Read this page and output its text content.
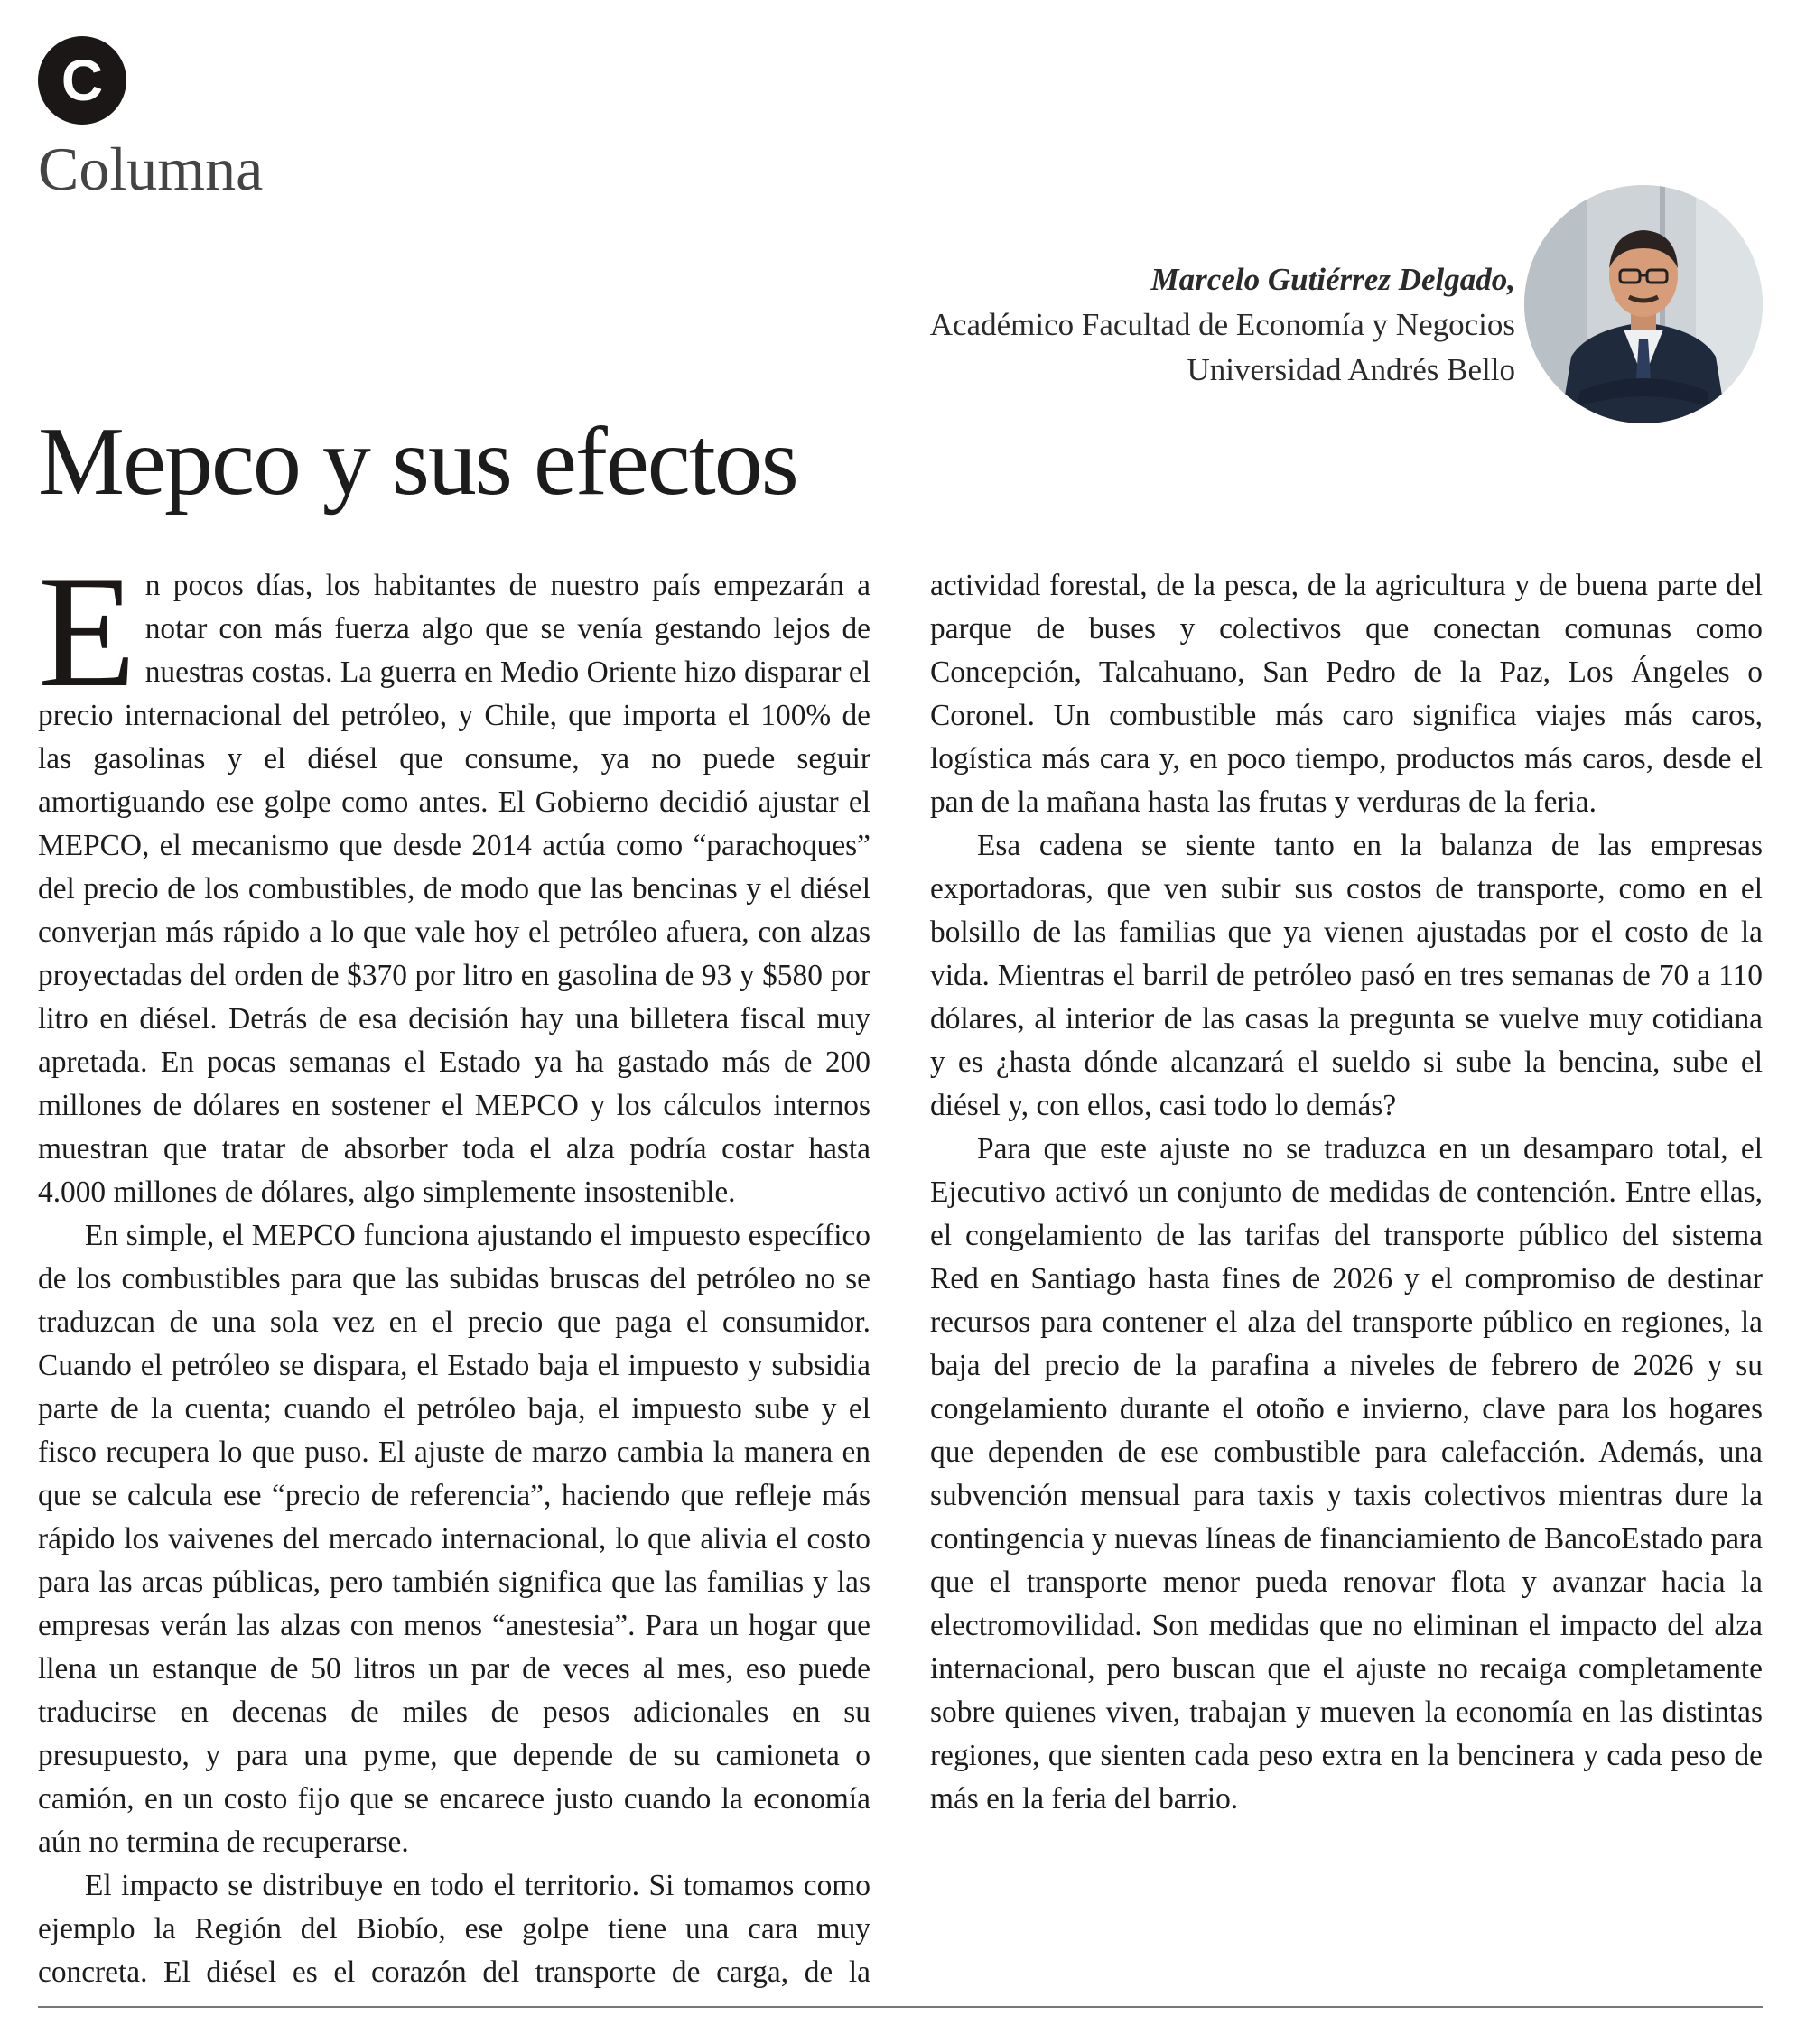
C
Columna
Marcelo Gutiérrez Delgado,
Académico Facultad de Economía y Negocios
Universidad Andrés Bello
Mepco y sus efectos

En pocos días, los habitantes de nuestro país empezarán a notar con más fuerza algo que se venía gestando lejos de nuestras costas. La guerra en Medio Oriente hizo disparar el precio internacional del petróleo, y Chile, que importa el 100% de las gasolinas y el diésel que consume, ya no puede seguir amortiguando ese golpe como antes. El Gobierno decidió ajustar el MEPCO, el mecanismo que desde 2014 actúa como “parachoques” del precio de los combustibles, de modo que las bencinas y el diésel converjan más rápido a lo que vale hoy el petróleo afuera, con alzas proyectadas del orden de $370 por litro en gasolina de 93 y $580 por litro en diésel. Detrás de esa decisión hay una billetera fiscal muy apretada. En pocas semanas el Estado ya ha gastado más de 200 millones de dólares en sostener el MEPCO y los cálculos internos muestran que tratar de absorber toda el alza podría costar hasta 4.000 millones de dólares, algo simplemente insostenible.

En simple, el MEPCO funciona ajustando el impuesto específico de los combustibles para que las subidas bruscas del petróleo no se traduzcan de una sola vez en el precio que paga el consumidor. Cuando el petróleo se dispara, el Estado baja el impuesto y subsidia parte de la cuenta; cuando el petróleo baja, el impuesto sube y el fisco recupera lo que puso. El ajuste de marzo cambia la manera en que se calcula ese “precio de referencia”, haciendo que refleje más rápido los vaivenes del mercado internacional, lo que alivia el costo para las arcas públicas, pero también significa que las familias y las empresas verán las alzas con menos “anestesia”. Para un hogar que llena un estanque de 50 litros un par de veces al mes, eso puede traducirse en decenas de miles de pesos adicionales en su presupuesto, y para una pyme, que depende de su camioneta o camión, en un costo fijo que se encarece justo cuando la economía aún no termina de recuperarse.

El impacto se distribuye en todo el territorio. Si tomamos como ejemplo la Región del Biobío, ese golpe tiene una cara muy concreta. El diésel es el corazón del transporte de carga, de la actividad forestal, de la pesca, de la agricultura y de buena parte del parque de buses y colectivos que conectan comunas como Concepción, Talcahuano, San Pedro de la Paz, Los Ángeles o Coronel. Un combustible más caro significa viajes más caros, logística más cara y, en poco tiempo, productos más caros, desde el pan de la mañana hasta las frutas y verduras de la feria.

Esa cadena se siente tanto en la balanza de las empresas exportadoras, que ven subir sus costos de transporte, como en el bolsillo de las familias que ya vienen ajustadas por el costo de la vida. Mientras el barril de petróleo pasó en tres semanas de 70 a 110 dólares, al interior de las casas la pregunta se vuelve muy cotidiana y es ¿hasta dónde alcanzará el sueldo si sube la bencina, sube el diésel y, con ellos, casi todo lo demás?

Para que este ajuste no se traduzca en un desamparo total, el Ejecutivo activó un conjunto de medidas de contención. Entre ellas, el congelamiento de las tarifas del transporte público del sistema Red en Santiago hasta fines de 2026 y el compromiso de destinar recursos para contener el alza del transporte público en regiones, la baja del precio de la parafina a niveles de febrero de 2026 y su congelamiento durante el otoño e invierno, clave para los hogares que dependen de ese combustible para calefacción. Además, una subvención mensual para taxis y taxis colectivos mientras dure la contingencia y nuevas líneas de financiamiento de BancoEstado para que el transporte menor pueda renovar flota y avanzar hacia la electromovilidad. Son medidas que no eliminan el impacto del alza internacional, pero buscan que el ajuste no recaiga completamente sobre quienes viven, trabajan y mueven la economía en las distintas regiones, que sienten cada peso extra en la bencinera y cada peso de más en la feria del barrio.
